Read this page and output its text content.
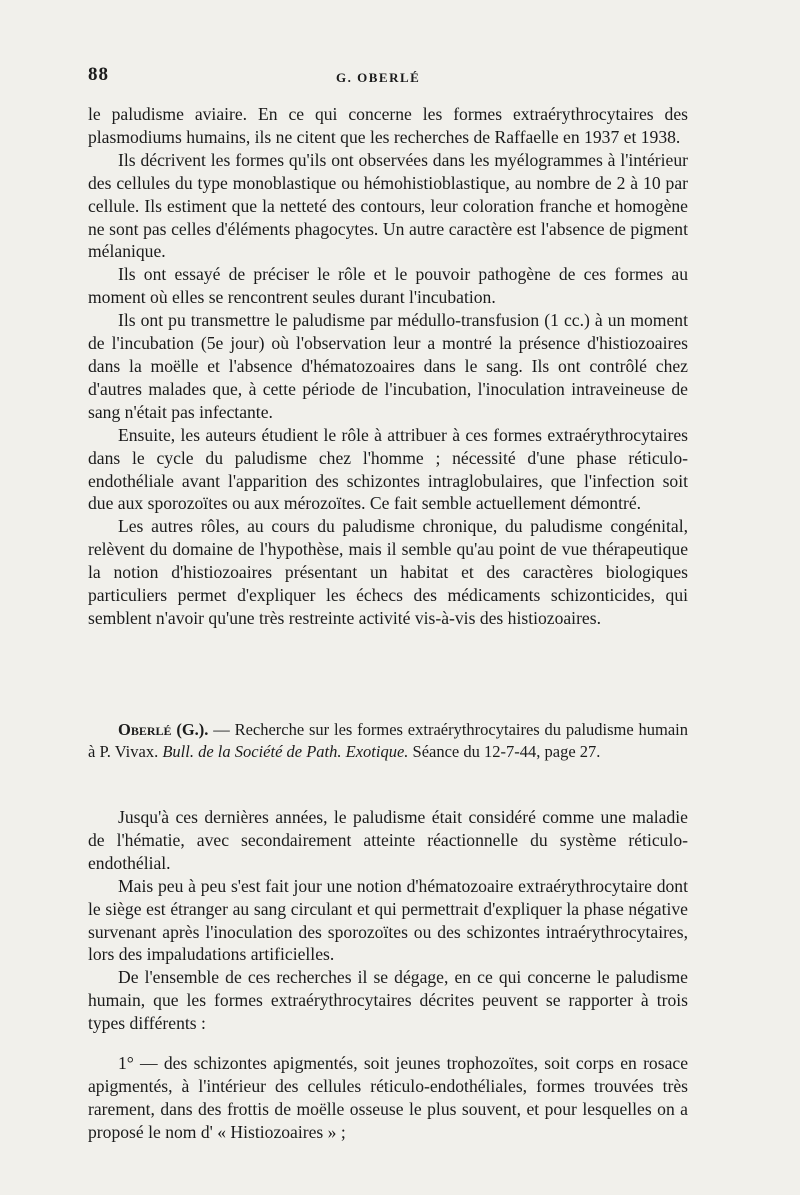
88	G. OBERLÉ

le paludisme aviaire. En ce qui concerne les formes extraérythrocytaires des plasmodiums humains, ils ne citent que les recherches de Raffaelle en 1937 et 1938.

Ils décrivent les formes qu'ils ont observées dans les myélogrammes à l'intérieur des cellules du type monoblastique ou hémohistioblastique, au nombre de 2 à 10 par cellule. Ils estiment que la netteté des contours, leur coloration franche et homogène ne sont pas celles d'éléments phagocytes. Un autre caractère est l'absence de pigment mélanique.

Ils ont essayé de préciser le rôle et le pouvoir pathogène de ces formes au moment où elles se rencontrent seules durant l'incubation.

Ils ont pu transmettre le paludisme par médullo-transfusion (1 cc.) à un moment de l'incubation (5e jour) où l'observation leur a montré la présence d'histiozoaires dans la moëlle et l'absence d'hématozoaires dans le sang. Ils ont contrôlé chez d'autres malades que, à cette période de l'incubation, l'inoculation intraveineuse de sang n'était pas infectante.

Ensuite, les auteurs étudient le rôle à attribuer à ces formes extraérythrocytaires dans le cycle du paludisme chez l'homme ; nécessité d'une phase réticulo-endothéliale avant l'apparition des schizontes intraglobulaires, que l'infection soit due aux sporozoïtes ou aux mérozoïtes. Ce fait semble actuellement démontré.

Les autres rôles, au cours du paludisme chronique, du paludisme congénital, relèvent du domaine de l'hypothèse, mais il semble qu'au point de vue thérapeutique la notion d'histiozoaires présentant un habitat et des caractères biologiques particuliers permet d'expliquer les échecs des médicaments schizonticides, qui semblent n'avoir qu'une très restreinte activité vis-à-vis des histiozoaires.

Oberlé (G.). — Recherche sur les formes extraérythrocytaires du paludisme humain à P. Vivax. Bull. de la Société de Path. Exotique. Séance du 12-7-44, page 27.

Jusqu'à ces dernières années, le paludisme était considéré comme une maladie de l'hématie, avec secondairement atteinte réactionnelle du système réticulo-endothélial.

Mais peu à peu s'est fait jour une notion d'hématozoaire extraérythrocytaire dont le siège est étranger au sang circulant et qui permettrait d'expliquer la phase négative survenant après l'inoculation des sporozoïtes ou des schizontes intraérythrocytaires, lors des impaludations artificielles.

De l'ensemble de ces recherches il se dégage, en ce qui concerne le paludisme humain, que les formes extraérythrocytaires décrites peuvent se rapporter à trois types différents :

1° — des schizontes apigmentés, soit jeunes trophozoïtes, soit corps en rosace apigmentés, à l'intérieur des cellules réticulo-endothéliales, formes trouvées très rarement, dans des frottis de moëlle osseuse le plus souvent, et pour lesquelles on a proposé le nom d' « Histiozoaires » ;
